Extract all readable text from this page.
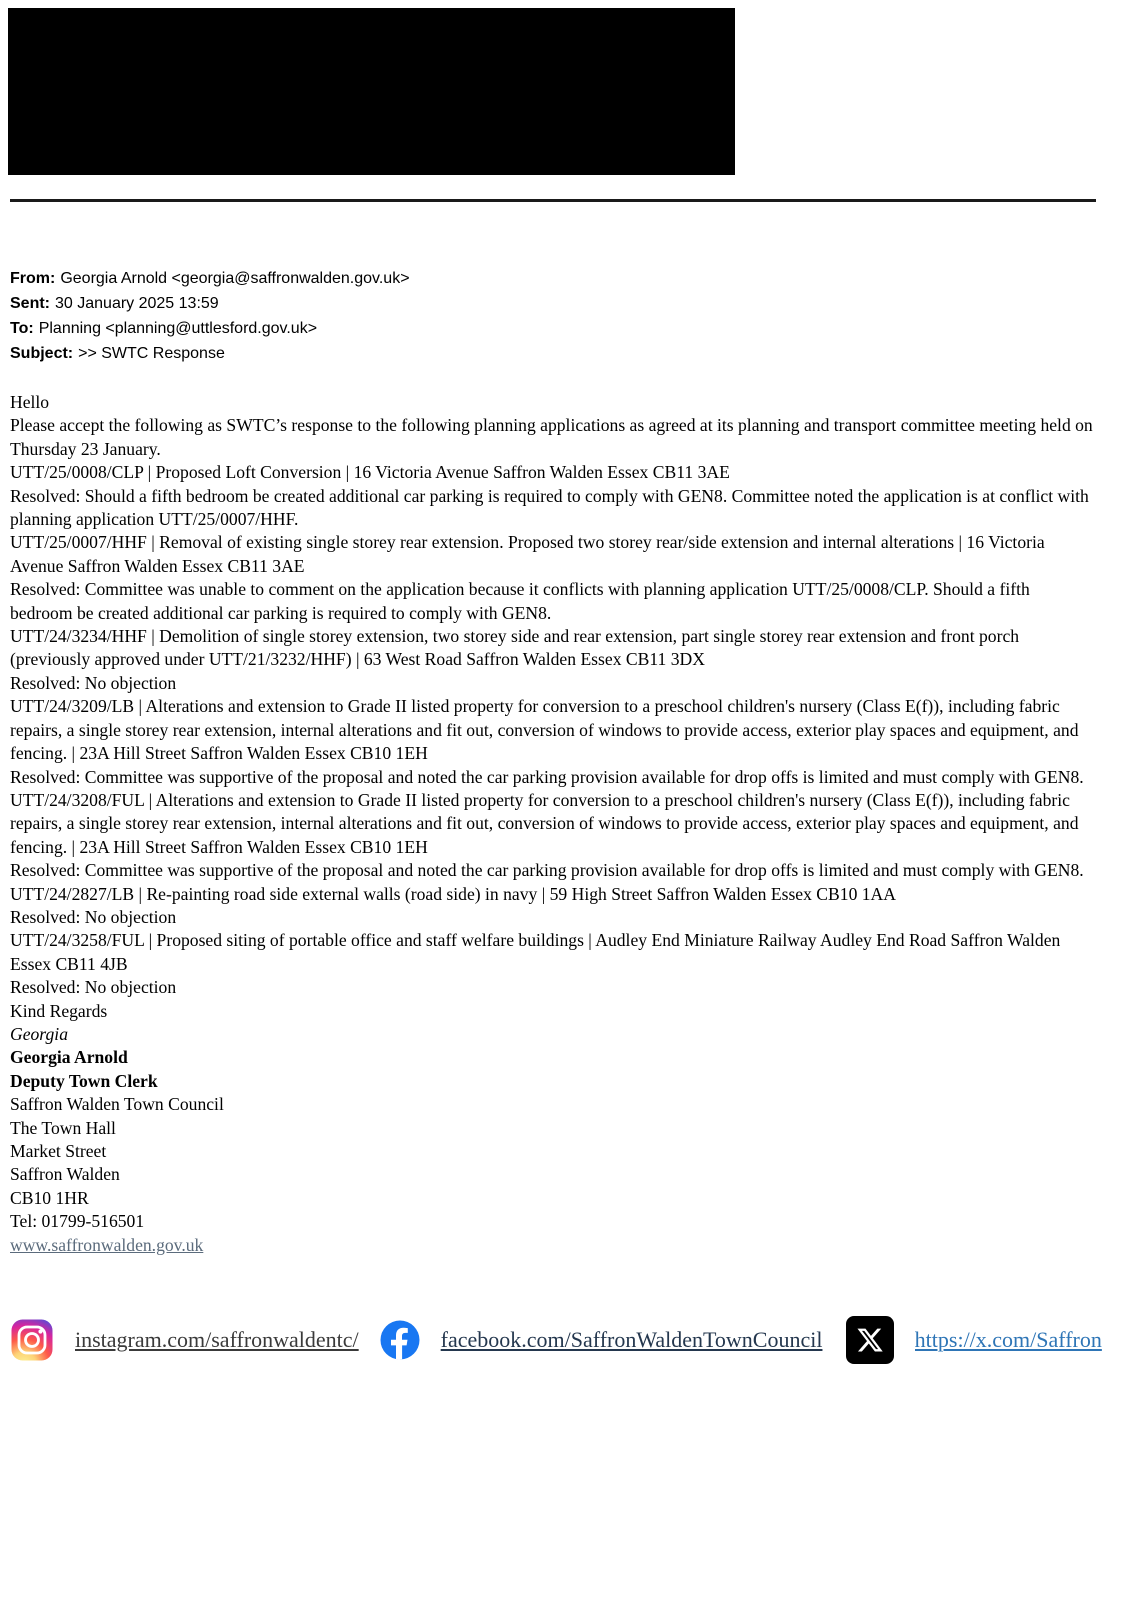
From: Georgia Arnold <georgia@saffronwalden.gov.uk>

Sent: 30 January 2025 13:59

To: Planning <planning@uttlesford.gov.uk>

Subject: >> SWTC Response

Hello

Please accept the following as SWTC’s response to the following planning applications as agreed at its planning and transport committee meeting held on Thursday 23 January.

UTT/25/0008/CLP | Proposed Loft Conversion | 16 Victoria Avenue Saffron Walden Essex CB11 3AE

Resolved: Should a fifth bedroom be created additional car parking is required to comply with GEN8. Committee noted the application is at conflict with planning application UTT/25/0007/HHF.

UTT/25/0007/HHF | Removal of existing single storey rear extension. Proposed two storey rear/side extension and internal alterations | 16 Victoria Avenue Saffron Walden Essex CB11 3AE

Resolved: Committee was unable to comment on the application because it conflicts with planning application UTT/25/0008/CLP. Should a fifth bedroom be created additional car parking is required to comply with GEN8.

UTT/24/3234/HHF | Demolition of single storey extension, two storey side and rear extension, part single storey rear extension and front porch (previously approved under UTT/21/3232/HHF) | 63 West Road Saffron Walden Essex CB11 3DX

Resolved: No objection

UTT/24/3209/LB | Alterations and extension to Grade II listed property for conversion to a preschool children's nursery (Class E(f)), including fabric repairs, a single storey rear extension, internal alterations and fit out, conversion of windows to provide access, exterior play spaces and equipment, and fencing. | 23A Hill Street Saffron Walden Essex CB10 1EH

Resolved: Committee was supportive of the proposal and noted the car parking provision available for drop offs is limited and must comply with GEN8.

UTT/24/3208/FUL | Alterations and extension to Grade II listed property for conversion to a preschool children's nursery (Class E(f)), including fabric repairs, a single storey rear extension, internal alterations and fit out, conversion of windows to provide access, exterior play spaces and equipment, and fencing. | 23A Hill Street Saffron Walden Essex CB10 1EH

Resolved: Committee was supportive of the proposal and noted the car parking provision available for drop offs is limited and must comply with GEN8.

UTT/24/2827/LB | Re-painting road side external walls (road side) in navy | 59 High Street Saffron Walden Essex CB10 1AA

Resolved: No objection

UTT/24/3258/FUL | Proposed siting of portable office and staff welfare buildings | Audley End Miniature Railway Audley End Road Saffron Walden Essex CB11 4JB

Resolved: No objection

Kind Regards

Georgia

Georgia Arnold

Deputy Town Clerk

Saffron Walden Town Council

The Town Hall

Market Street

Saffron Walden

CB10 1HR

Tel: 01799-516501

www.saffronwalden.gov.uk

instagram.com/saffronwaldentc/	facebook.com/SaffronWaldenTownCouncil	https://x.com/Saffron
